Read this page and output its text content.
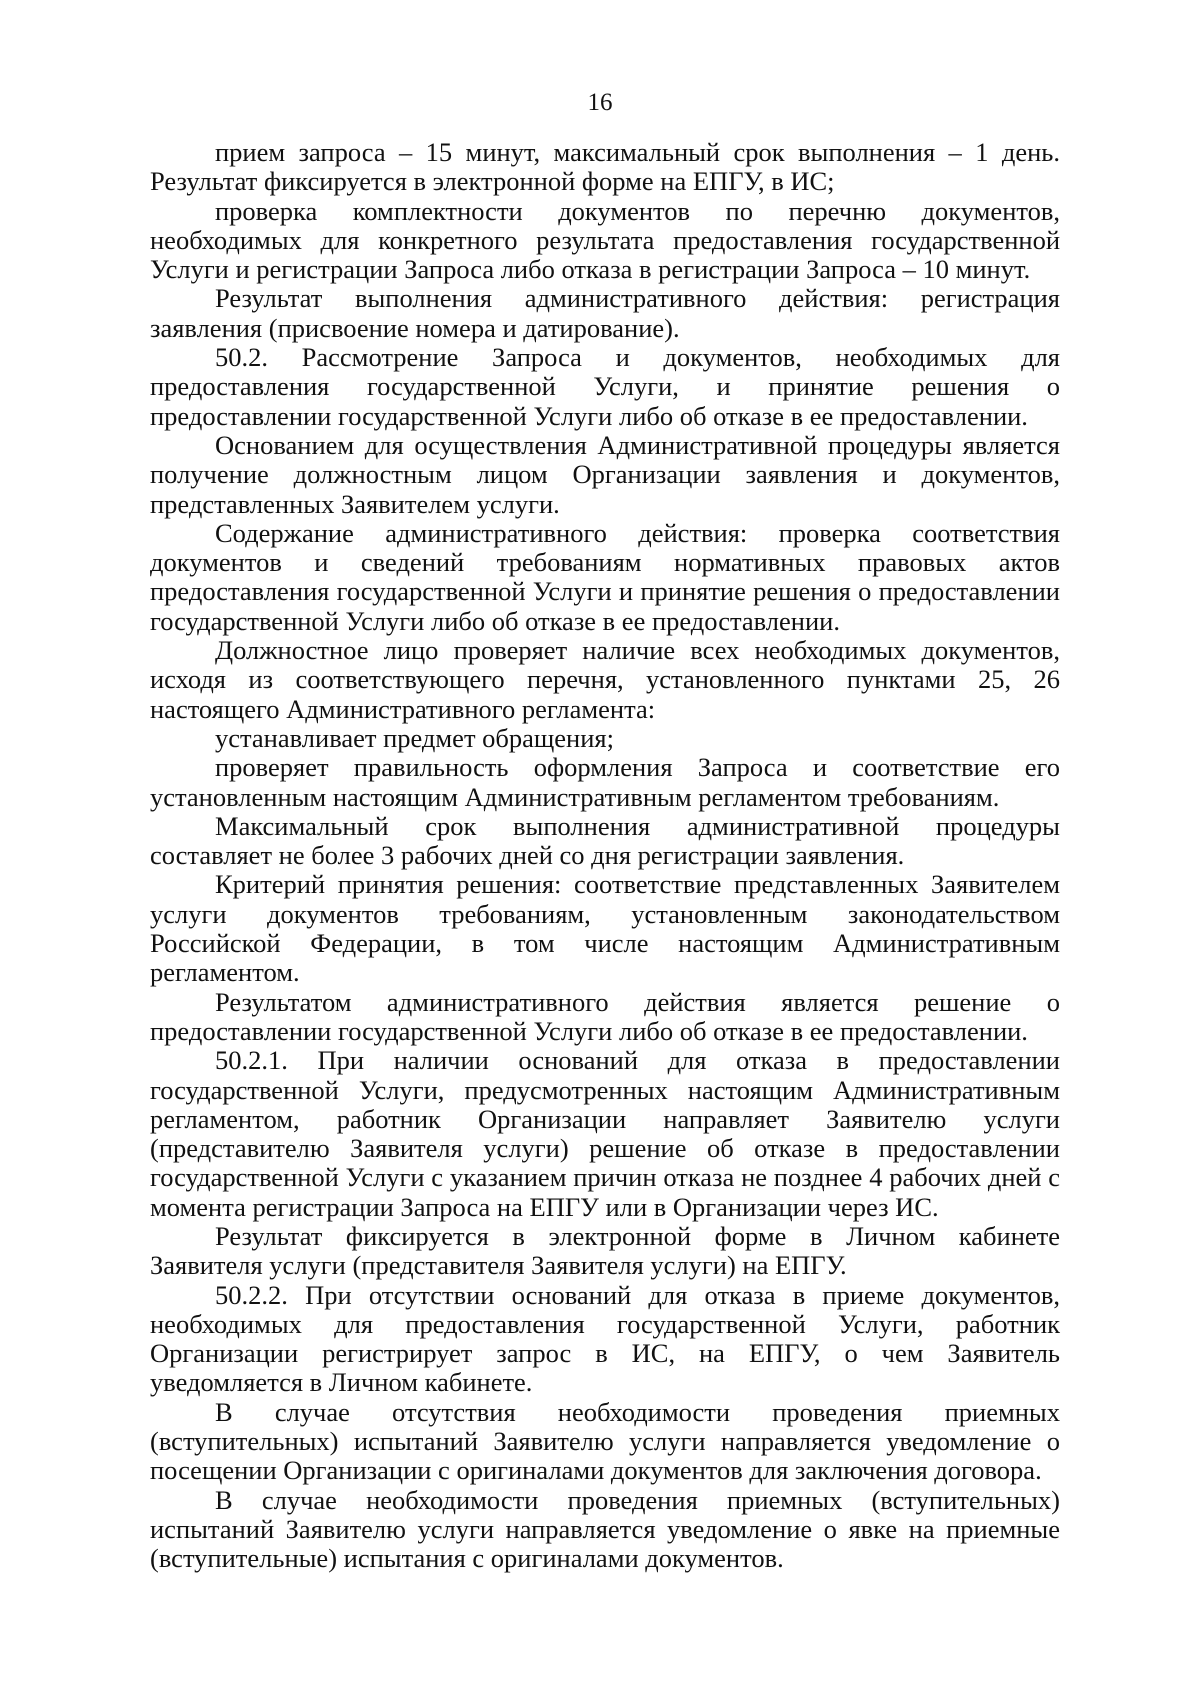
16

прием запроса – 15 минут, максимальный срок выполнения – 1 день. Результат фиксируется в электронной форме на ЕПГУ, в ИС;

проверка комплектности документов по перечню документов, необходимых для конкретного результата предоставления государственной Услуги и регистрации Запроса либо отказа в регистрации Запроса – 10 минут.

Результат выполнения административного действия: регистрация заявления (присвоение номера и датирование).

50.2. Рассмотрение Запроса и документов, необходимых для предоставления государственной Услуги, и принятие решения о предоставлении государственной Услуги либо об отказе в ее предоставлении.

Основанием для осуществления Административной процедуры является получение должностным лицом Организации заявления и документов, представленных Заявителем услуги.

Содержание административного действия: проверка соответствия документов и сведений требованиям нормативных правовых актов предоставления государственной Услуги и принятие решения о предоставлении государственной Услуги либо об отказе в ее предоставлении.

Должностное лицо проверяет наличие всех необходимых документов, исходя из соответствующего перечня, установленного пунктами 25, 26 настоящего Административного регламента:

устанавливает предмет обращения;

проверяет правильность оформления Запроса и соответствие его установленным настоящим Административным регламентом требованиям.

Максимальный срок выполнения административной процедуры составляет не более 3 рабочих дней со дня регистрации заявления.

Критерий принятия решения: соответствие представленных Заявителем услуги документов требованиям, установленным законодательством Российской Федерации, в том числе настоящим Административным регламентом.

Результатом административного действия является решение о предоставлении государственной Услуги либо об отказе в ее предоставлении.

50.2.1. При наличии оснований для отказа в предоставлении государственной Услуги, предусмотренных настоящим Административным регламентом, работник Организации направляет Заявителю услуги (представителю Заявителя услуги) решение об отказе в предоставлении государственной Услуги с указанием причин отказа не позднее 4 рабочих дней с момента регистрации Запроса на ЕПГУ или в Организации через ИС.

Результат фиксируется в электронной форме в Личном кабинете Заявителя услуги (представителя Заявителя услуги) на ЕПГУ.

50.2.2. При отсутствии оснований для отказа в приеме документов, необходимых для предоставления государственной Услуги, работник Организации регистрирует запрос в ИС, на ЕПГУ, о чем Заявитель уведомляется в Личном кабинете.

В случае отсутствия необходимости проведения приемных (вступительных) испытаний Заявителю услуги направляется уведомление о посещении Организации с оригиналами документов для заключения договора.

В случае необходимости проведения приемных (вступительных) испытаний Заявителю услуги направляется уведомление о явке на приемные (вступительные) испытания с оригиналами документов.
